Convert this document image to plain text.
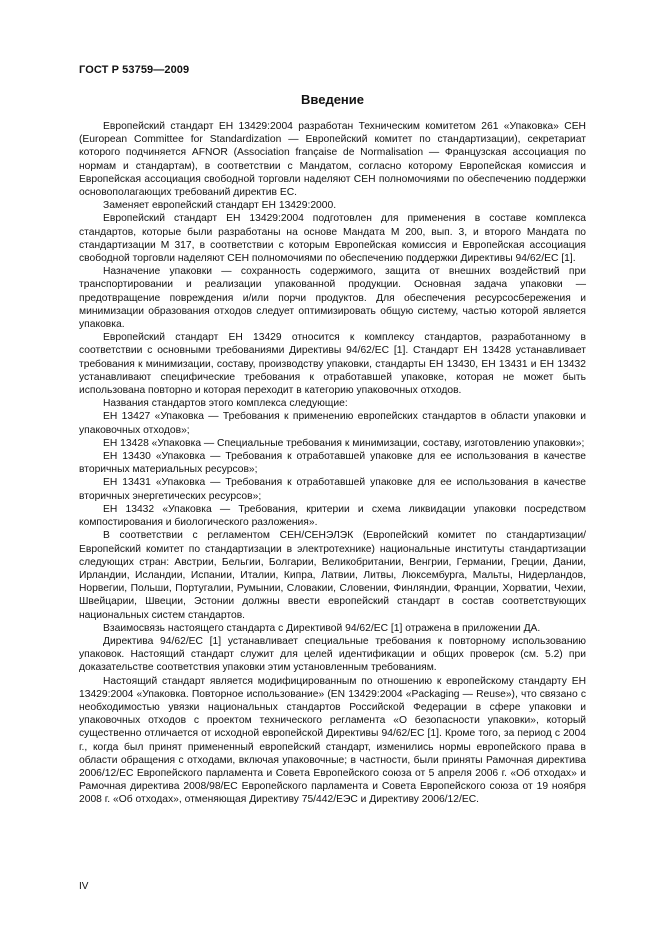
ГОСТ Р 53759—2009
Введение

Европейский стандарт ЕН 13429:2004 разработан Техническим комитетом 261 «Упаковка» СЕН (European Committee for Standardization — Европейский комитет по стандартизации), секретариат которого подчиняется AFNOR (Association française de Normalisation — Французская ассоциация по нормам и стандартам), в соответствии с Мандатом, согласно которому Европейская комиссия и Европейская ассоциация свободной торговли наделяют СЕН полномочиями по обеспечению поддержки основополагающих требований директив ЕС.

Заменяет европейский стандарт ЕН 13429:2000.

Европейский стандарт ЕН 13429:2004 подготовлен для применения в составе комплекса стандартов, которые были разработаны на основе Мандата М 200, вып. 3, и второго Мандата по стандартизации М 317, в соответствии с которым Европейская комиссия и Европейская ассоциация свободной торговли наделяют СЕН полномочиями по обеспечению поддержки Директивы 94/62/ЕС [1].

Назначение упаковки — сохранность содержимого, защита от внешних воздействий при транспортировании и реализации упакованной продукции. Основная задача упаковки — предотвращение повреждения и/или порчи продуктов. Для обеспечения ресурсосбережения и минимизации образования отходов следует оптимизировать общую систему, частью которой является упаковка.

Европейский стандарт ЕН 13429 относится к комплексу стандартов, разработанному в соответствии с основными требованиями Директивы 94/62/ЕС [1]. Стандарт ЕН 13428 устанавливает требования к минимизации, составу, производству упаковки, стандарты ЕН 13430, ЕН 13431 и ЕН 13432 устанавливают специфические требования к отработавшей упаковке, которая не может быть использована повторно и которая переходит в категорию упаковочных отходов.

Названия стандартов этого комплекса следующие:

ЕН 13427 «Упаковка — Требования к применению европейских стандартов в области упаковки и упаковочных отходов»;

ЕН 13428 «Упаковка — Специальные требования к минимизации, составу, изготовлению упаковки»;

ЕН 13430 «Упаковка — Требования к отработавшей упаковке для ее использования в качестве вторичных материальных ресурсов»;

ЕН 13431 «Упаковка — Требования к отработавшей упаковке для ее использования в качестве вторичных энергетических ресурсов»;

ЕН 13432 «Упаковка — Требования, критерии и схема ликвидации упаковки посредством компостирования и биологического разложения».

В соответствии с регламентом СЕН/СЕНЭЛЭК (Европейский комитет по стандартизации/Европейский комитет по стандартизации в электротехнике) национальные институты стандартизации следующих стран: Австрии, Бельгии, Болгарии, Великобритании, Венгрии, Германии, Греции, Дании, Ирландии, Исландии, Испании, Италии, Кипра, Латвии, Литвы, Люксембурга, Мальты, Нидерландов, Норвегии, Польши, Португалии, Румынии, Словакии, Словении, Финляндии, Франции, Хорватии, Чехии, Швейцарии, Швеции, Эстонии должны ввести европейский стандарт в состав соответствующих национальных систем стандартов.

Взаимосвязь настоящего стандарта с Директивой 94/62/ЕС [1] отражена в приложении ДА.

Директива 94/62/ЕС [1] устанавливает специальные требования к повторному использованию упаковок. Настоящий стандарт служит для целей идентификации и общих проверок (см. 5.2) при доказательстве соответствия упаковки этим установленным требованиям.

Настоящий стандарт является модифицированным по отношению к европейскому стандарту ЕН 13429:2004 «Упаковка. Повторное использование» (EN 13429:2004 «Packaging — Reuse»), что связано с необходимостью увязки национальных стандартов Российской Федерации в сфере упаковки и упаковочных отходов с проектом технического регламента «О безопасности упаковки», который существенно отличается от исходной европейской Директивы 94/62/ЕС [1]. Кроме того, за период с 2004 г., когда был принят примененный европейский стандарт, изменились нормы европейского права в области обращения с отходами, включая упаковочные; в частности, были приняты Рамочная директива 2006/12/ЕС Европейского парламента и Совета Европейского союза от 5 апреля 2006 г. «Об отходах» и Рамочная директива 2008/98/ЕС Европейского парламента и Совета Европейского союза от 19 ноября 2008 г. «Об отходах», отменяющая Директиву 75/442/ЕЭС и Директиву 2006/12/ЕС.

IV
